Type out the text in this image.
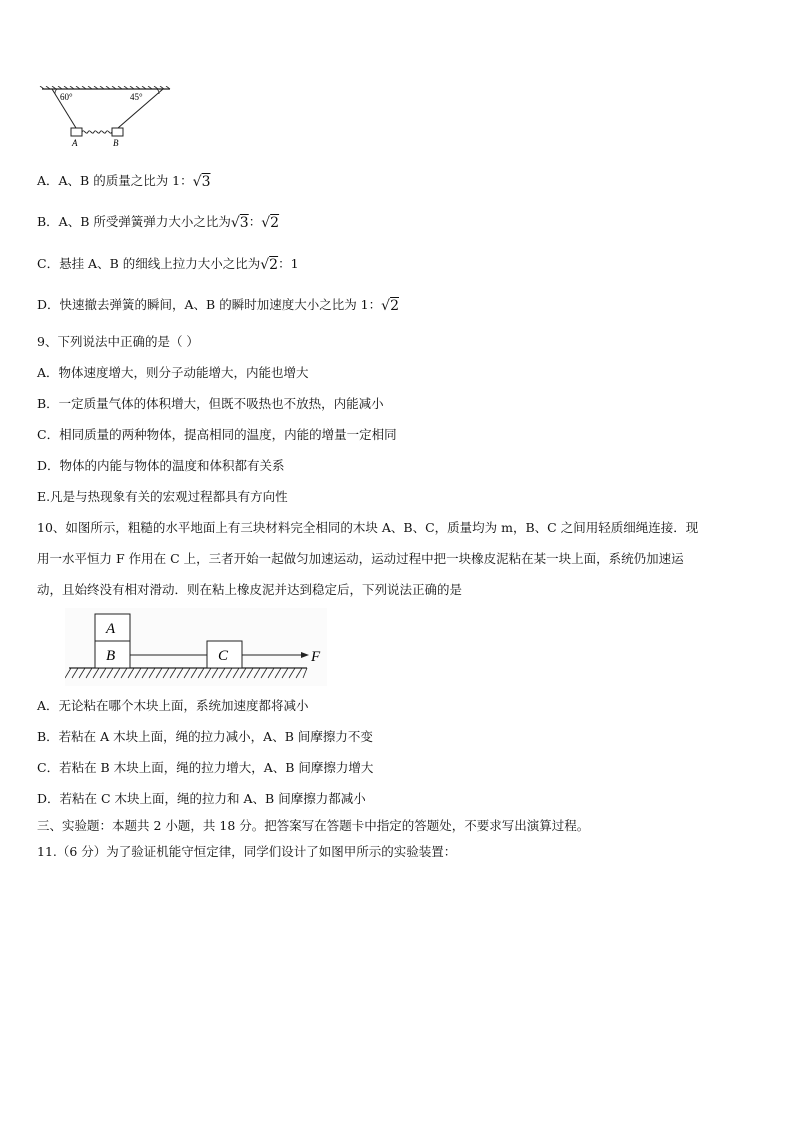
60°	45°
A	B
A．A、B 的质量之比为 1：√3
B．A、B 所受弹簧弹力大小之比为√3：√2
C．悬挂 A、B 的细线上拉力大小之比为√2：1
D．快速撤去弹簧的瞬间，A、B 的瞬时加速度大小之比为 1：√2
9、下列说法中正确的是（ ）
A．物体速度增大，则分子动能增大，内能也增大
B．一定质量气体的体积增大，但既不吸热也不放热，内能减小
C．相同质量的两种物体，提高相同的温度，内能的增量一定相同
D．物体的内能与物体的温度和体积都有关系
E.凡是与热现象有关的宏观过程都具有方向性
10、如图所示，粗糙的水平地面上有三块材料完全相同的木块 A、B、C，质量均为 m，B、C 之间用轻质细绳连接．现
用一水平恒力 F 作用在 C 上，三者开始一起做匀加速运动，运动过程中把一块橡皮泥粘在某一块上面，系统仍加速运
动，且始终没有相对滑动．则在粘上橡皮泥并达到稳定后，下列说法正确的是
A
B	C	F
A．无论粘在哪个木块上面，系统加速度都将减小
B．若粘在 A 木块上面，绳的拉力减小，A、B 间摩擦力不变
C．若粘在 B 木块上面，绳的拉力增大，A、B 间摩擦力增大
D．若粘在 C 木块上面，绳的拉力和 A、B 间摩擦力都减小
三、实验题：本题共 2 小题，共 18 分。把答案写在答题卡中指定的答题处，不要求写出演算过程。
11.（6 分）为了验证机能守恒定律，同学们设计了如图甲所示的实验装置：
